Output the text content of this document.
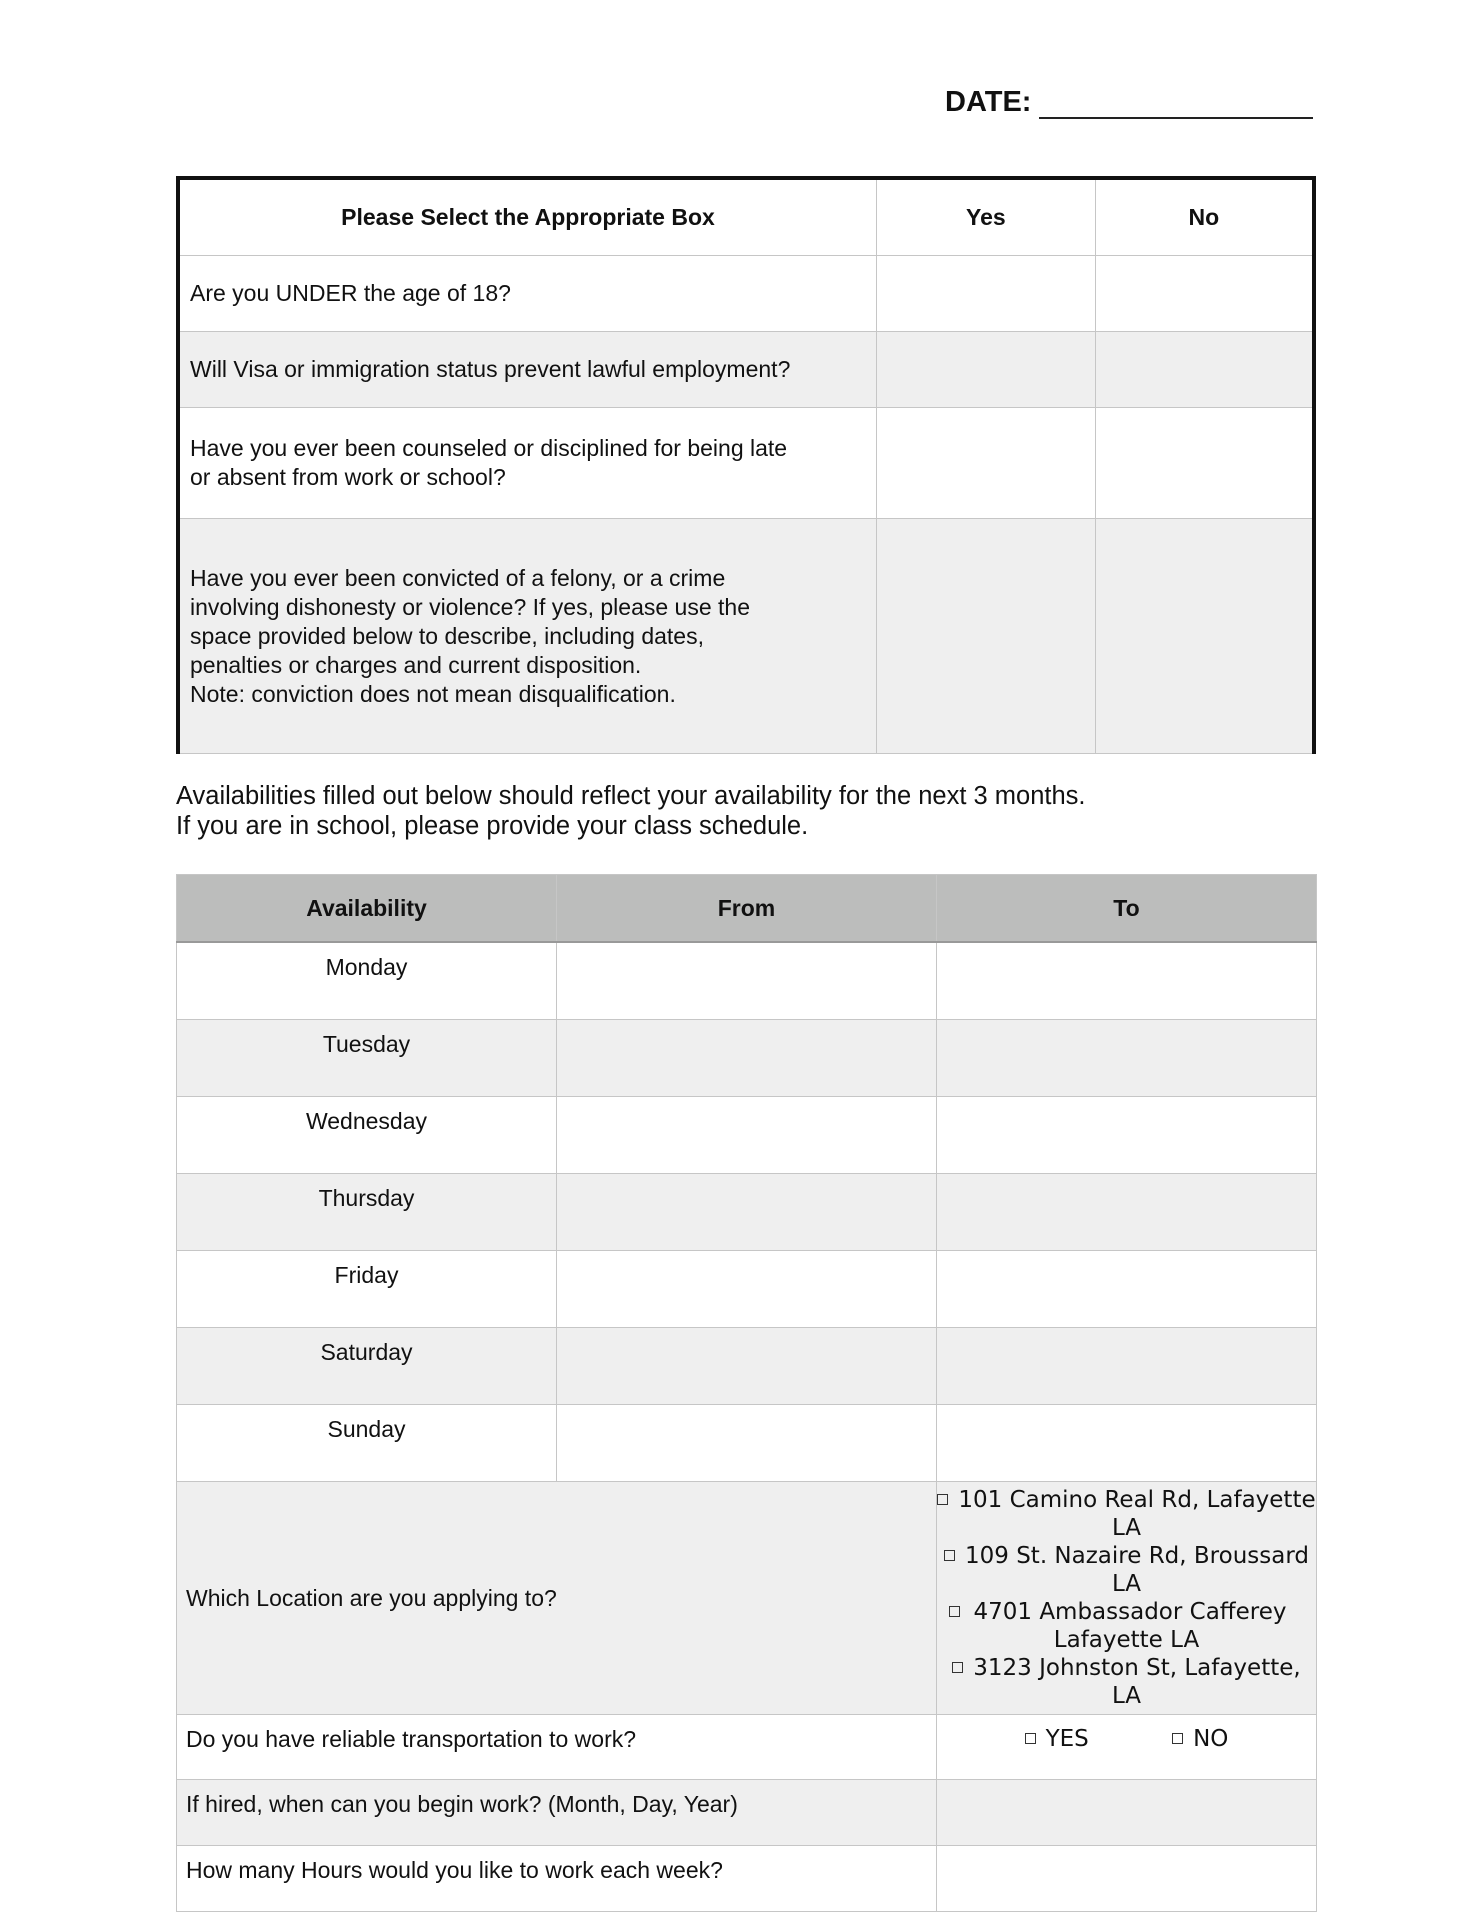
DATE:
Please Select the Appropriate Box	Yes	No
Are you UNDER the age of 18?		
Will Visa or immigration status prevent lawful employment?		
Have you ever been counseled or disciplined for being late
or absent from work or school?		
Have you ever been convicted of a felony, or a crime
involving dishonesty or violence? If yes, please use the
space provided below to describe, including dates,
penalties or charges and current disposition.
Note: conviction does not mean disqualification.		
Availabilities filled out below should reflect your availability for the next 3 months.
If you are in school, please provide your class schedule.
Availability	From	To
Monday		
Tuesday		
Wednesday		
Thursday		
Friday		
Saturday		
Sunday		
Which Location are you applying to?		101 Camino Real Rd, Lafayette LA
109 St. Nazaire Rd, Broussard LA
4701 Ambassador Cafferey
Lafayette LA
3123 Johnston St, Lafayette, LA

Do you have reliable transportation to work?		YES NO
If hired, when can you begin work? (Month, Day, Year)		
How many Hours would you like to work each week?		
